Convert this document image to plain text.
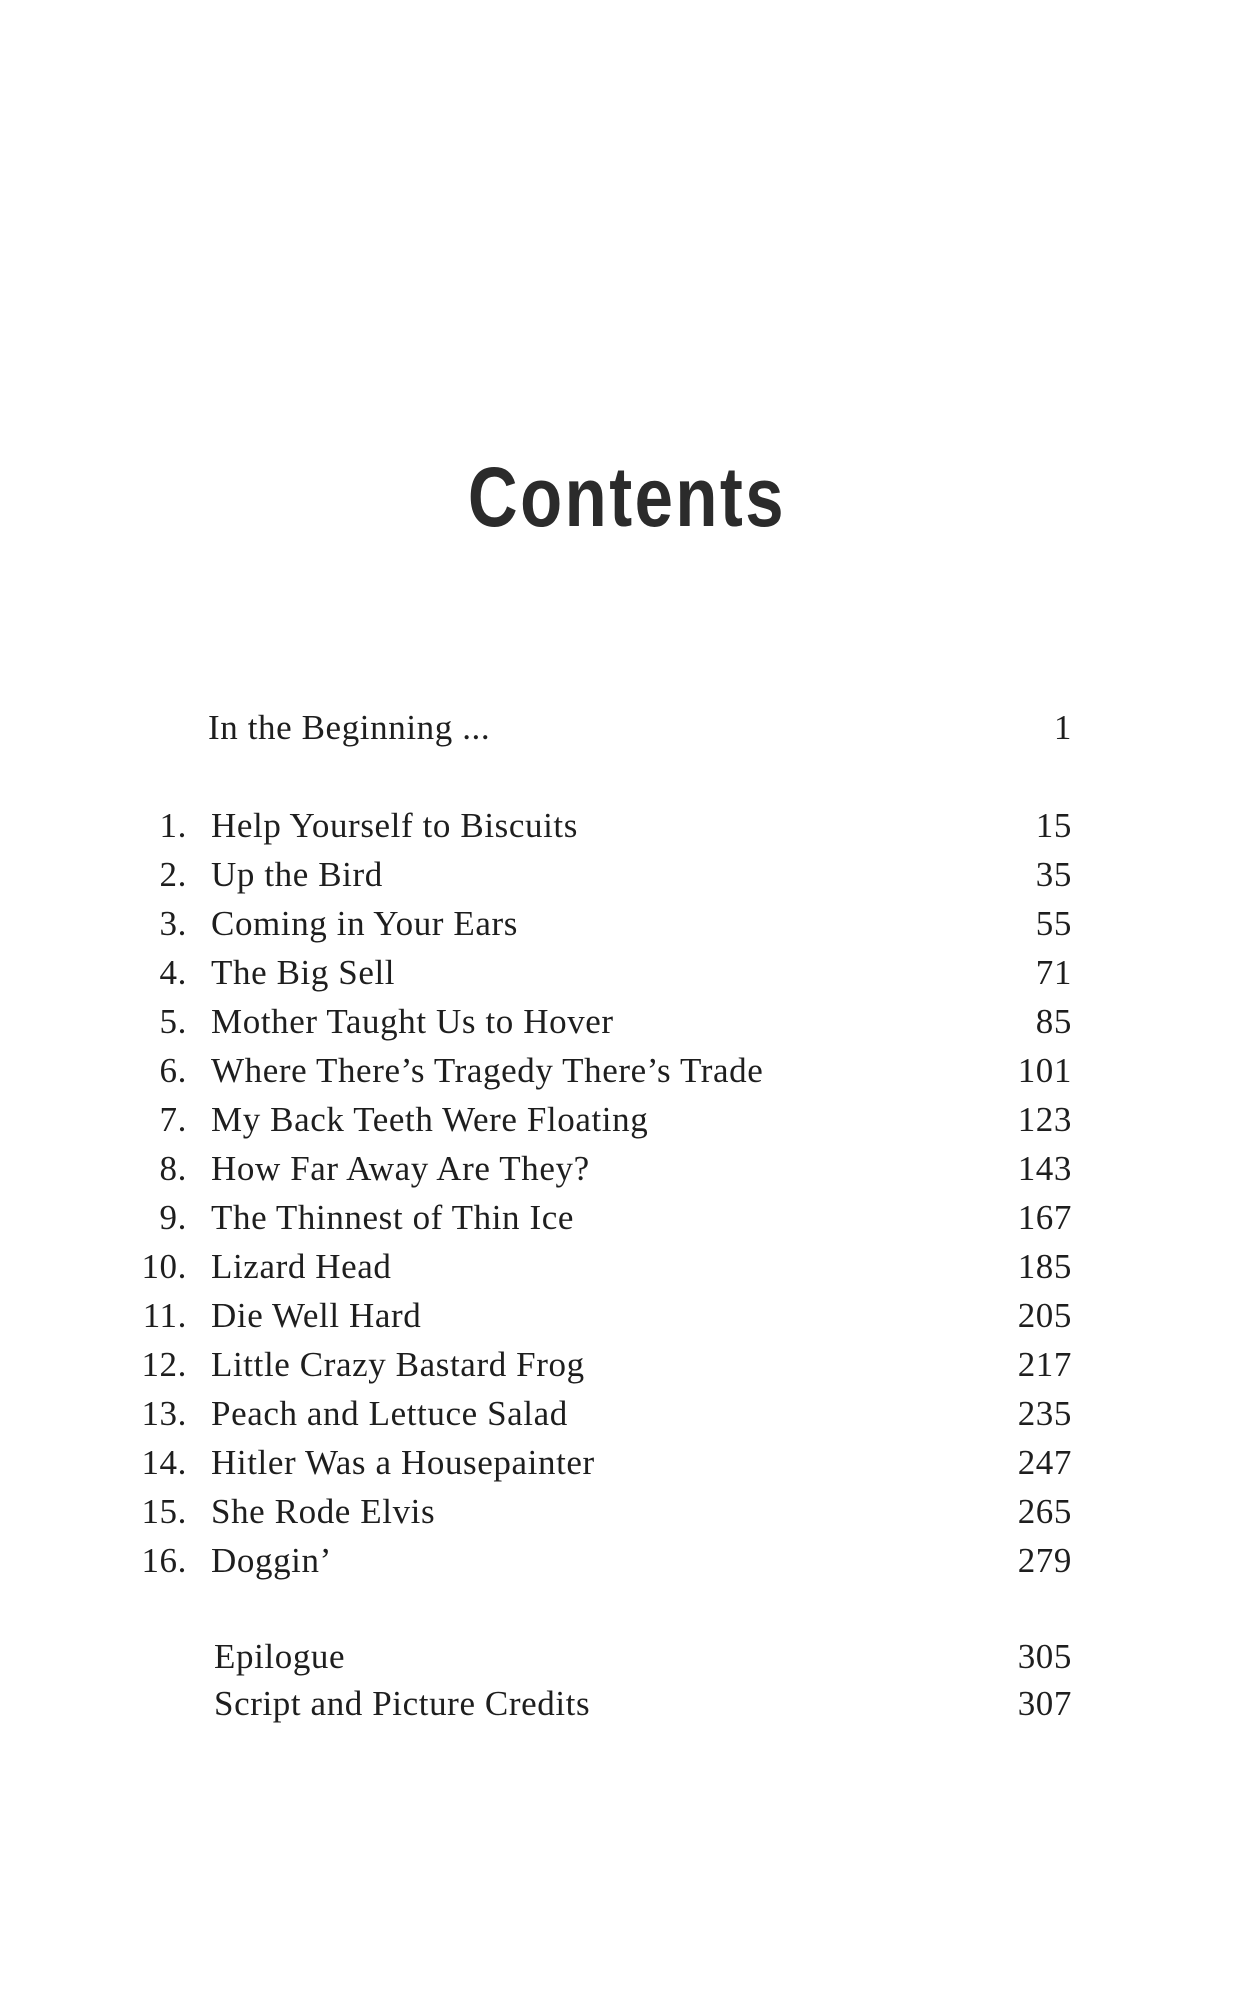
Contents
In the Beginning ...	1
1. Help Yourself to Biscuits	15
2. Up the Bird	35
3. Coming in Your Ears	55
4. The Big Sell	71
5. Mother Taught Us to Hover	85
6. Where There’s Tragedy There’s Trade	101
7. My Back Teeth Were Floating	123
8. How Far Away Are They?	143
9. The Thinnest of Thin Ice	167
10. Lizard Head	185
11. Die Well Hard	205
12. Little Crazy Bastard Frog	217
13. Peach and Lettuce Salad	235
14. Hitler Was a Housepainter	247
15. She Rode Elvis	265
16. Doggin’	279
Epilogue	305
Script and Picture Credits	307
